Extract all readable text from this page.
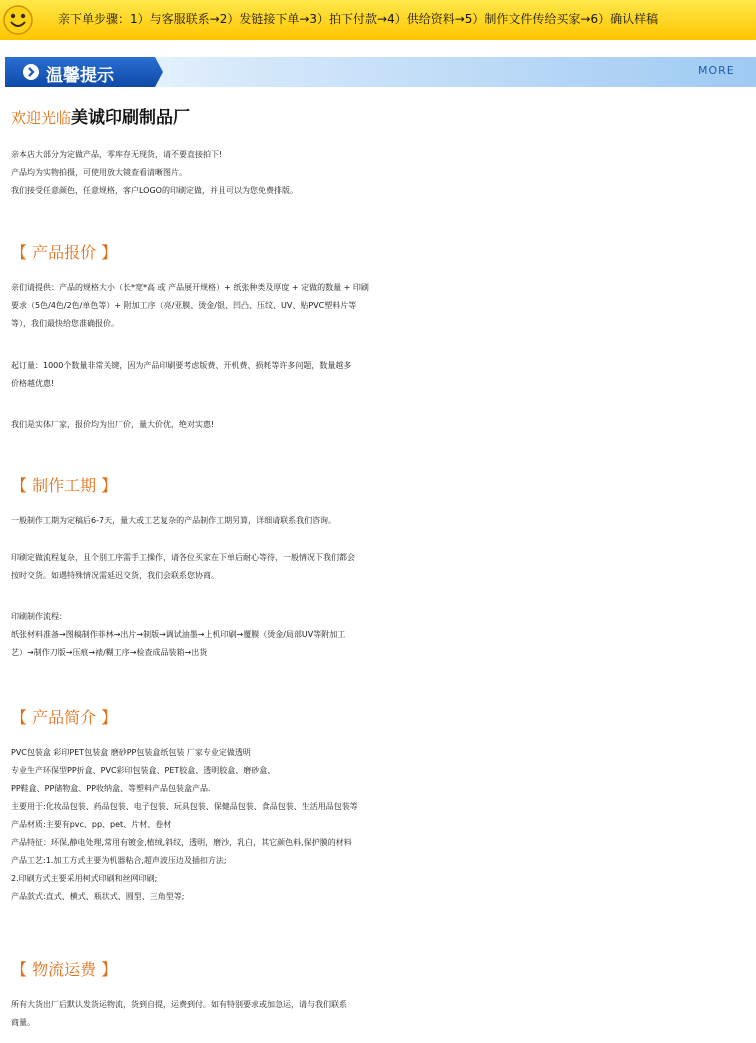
亲下单步骤：1）与客服联系→2）发链接下单→3）拍下付款→4）供给资料→5）制作文件传给买家→6）确认样稿
温馨提示	MORE
欢迎光临美诚印刷制品厂
亲本店大部分为定做产品，零库存无现货，请不要直接拍下!
产品均为实物拍摄，可使用放大镜查看清晰图片。
我们接受任意颜色，任意规格，客户LOGO的印刷定做，并且可以为您免费排版。
【 产品报价 】
亲们请提供：产品的规格大小（长*宽*高 或 产品展开规格）+ 纸张种类及厚度 + 定做的数量 + 印刷
要求（5色/4色/2色/单色等）+ 附加工序（亮/亚膜、烫金/银、凹凸、压纹、UV、贴PVC塑料片等
等），我们最快给您准确报价。
起订量：1000个数量非常关键，因为产品印刷要考虑版费、开机费、损耗等许多问题，数量越多
价格越优惠!
我们是实体厂家，报价均为出厂价，量大价优，绝对实惠!
【 制作工期 】
一般制作工期为定稿后6-7天，量大或工艺复杂的产品制作工期另算，详细请联系我们咨询。
印刷定做流程复杂，且个别工序需手工操作，请各位买家在下单后耐心等待，一般情况下我们都会
按时交货。如遇特殊情况需延迟交货，我们会联系您协商。
印刷制作流程：
纸张材料准备→图稿制作菲林→出片→制版→调试油墨→上机印刷→覆膜（烫金/局部UV等附加工
艺）→制作刀版→压痕→裱/糊工序→检查成品装箱→出货
【 产品简介 】
PVC包装盒 彩印PET包装盒 磨砂PP包装盒纸包装 厂家专业定做透明
专业生产环保型PP折盒、PVC彩印包装盒、PET胶盒、透明胶盒、磨砂盒、
PP鞋盒、PP储物盒、PP收纳盒、等塑料产品包装盒产品.
主要用于:化妆品包装、药品包装、电子包装、玩具包装、保健品包装、食品包装、生活用品包装等
产品材质:主要有pvc、pp、pet、片材、卷材
产品特征：环保,静电处理,常用有镀金,植绒,斜纹，透明，磨沙，乳白，其它颜色料,保护膜的材料
产品工艺:1.加工方式主要为机器粘合,超声波压边及插扣方法;
2.印刷方式主要采用柯式印刷和丝网印刷;
产品款式:直式、横式、瓶状式、圆型、三角型等;
【 物流运费 】
所有大货出厂后默认发货运物流，货到自提，运费到付。如有特别要求或加急运，请与我们联系
商量。
